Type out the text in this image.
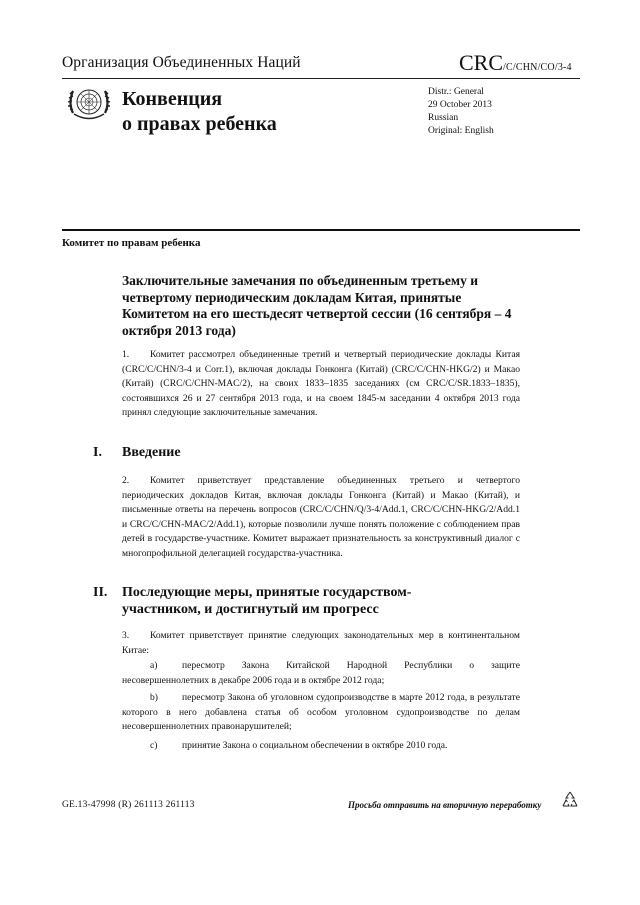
Организация Объединенных Наций	CRC/C/CHN/CO/3-4
Конвенция
о правах ребенка
Distr.: General
29 October 2013
Russian
Original: English
Комитет по правам ребенка
Заключительные замечания по объединенным третьему и четвертому периодическим докладам Китая, принятые Комитетом на его шестьдесят четвертой сессии (16 сентября – 4 октября 2013 года)
1. Комитет рассмотрел объединенные третий и четвертый периодические доклады Китая (CRC/C/CHN/3-4 и Corr.1), включая доклады Гонконга (Китай) (CRC/C/CHN-HKG/2) и Макао (Китай) (CRC/C/CHN-MAC/2), на своих 1833–1835 заседаниях (см CRC/C/SR.1833–1835), состоявшихся 26 и 27 сентября 2013 года, и на своем 1845-м заседании 4 октября 2013 года принял следующие заключительные замечания.
I. Введение
2. Комитет приветствует представление объединенных третьего и четвертого периодических докладов Китая, включая доклады Гонконга (Китай) и Макао (Китай), и письменные ответы на перечень вопросов (CRC/C/CHN/Q/3-4/Add.1, CRC/C/CHN-HKG/2/Add.1 и CRC/C/CHN-MAC/2/Add.1), которые позволили лучше понять положение с соблюдением прав детей в государстве-участнике. Комитет выражает признательность за конструктивный диалог с многопрофильной делегацией государства-участника.
II. Последующие меры, принятые государством-участником, и достигнутый им прогресс
3. Комитет приветствует принятие следующих законодательных мер в континентальном Китае:
a)	пересмотр Закона Китайской Народной Республики о защите несовершеннолетних в декабре 2006 года и в октябре 2012 года;
b)	пересмотр Закона об уголовном судопроизводстве в марте 2012 года, в результате которого в него добавлена статья об особом уголовном судопроизводстве по делам несовершеннолетних правонарушителей;
c)	принятие Закона о социальном обеспечении в октябре 2010 года.
GE.13-47998 (R) 261113 261113	Просьба отправить на вторичную переработку
